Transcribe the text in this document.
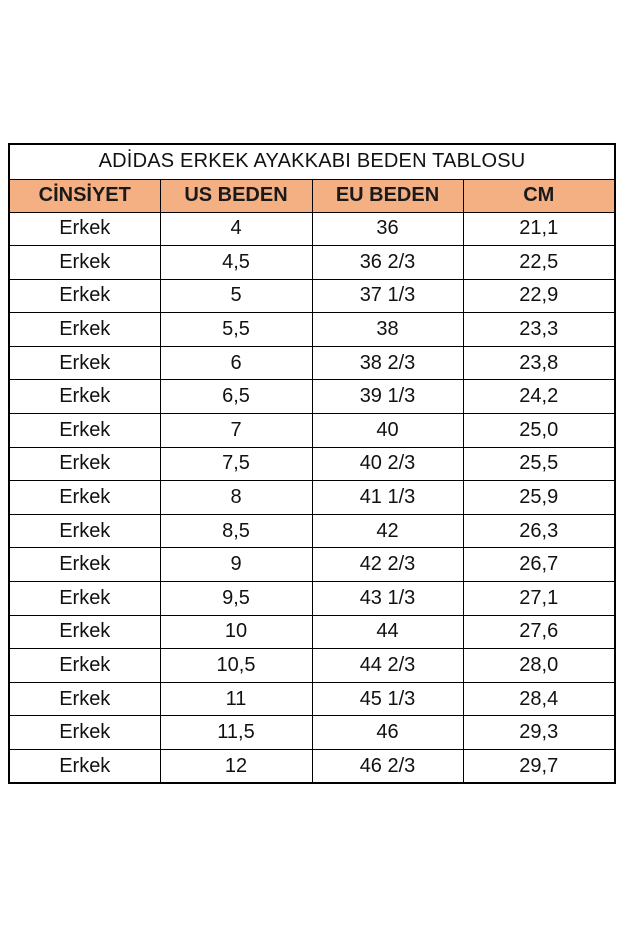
ADİDAS ERKEK AYAKKABI BEDEN TABLOSU			
CİNSİYET	US BEDEN	EU BEDEN	CM
Erkek	4	36	21,1
Erkek	4,5	36 2/3	22,5
Erkek	5	37 1/3	22,9
Erkek	5,5	38	23,3
Erkek	6	38 2/3	23,8
Erkek	6,5	39 1/3	24,2
Erkek	7	40	25,0
Erkek	7,5	40 2/3	25,5
Erkek	8	41 1/3	25,9
Erkek	8,5	42	26,3
Erkek	9	42 2/3	26,7
Erkek	9,5	43 1/3	27,1
Erkek	10	44	27,6
Erkek	10,5	44 2/3	28,0
Erkek	11	45 1/3	28,4
Erkek	11,5	46	29,3
Erkek	12	46 2/3	29,7
